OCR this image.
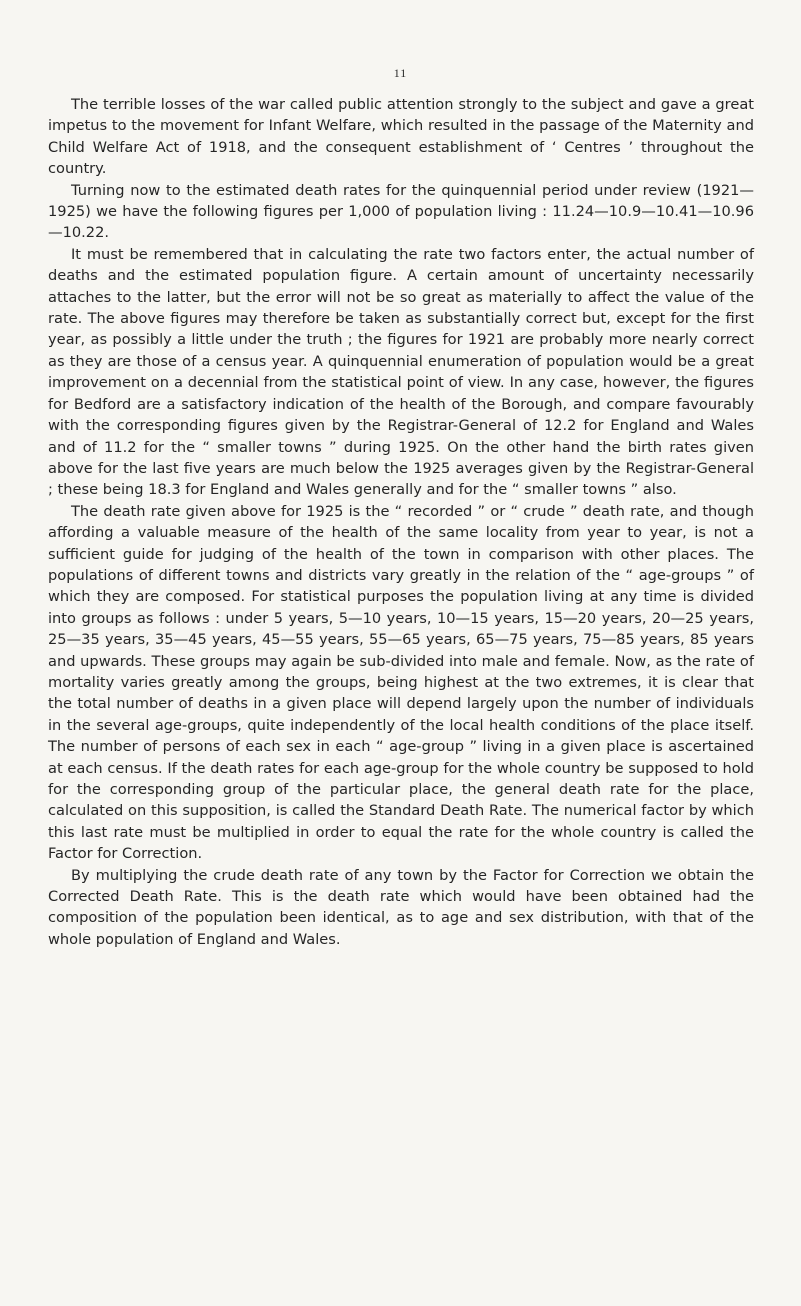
11

The terrible losses of the war called public attention strongly to the subject and gave a great impetus to the movement for Infant Welfare, which resulted in the passage of the Maternity and Child Welfare Act of 1918, and the consequent establishment of ‘ Centres ’ throughout the country.

Turning now to the estimated death rates for the quinquennial period under review (1921—1925) we have the following figures per 1,000 of population living : 11.24—10.9—10.41—10.96—10.22.

It must be remembered that in calculating the rate two factors enter, the actual number of deaths and the estimated population figure. A certain amount of uncertainty necessarily attaches to the latter, but the error will not be so great as materially to affect the value of the rate. The above figures may therefore be taken as substantially correct but, except for the first year, as possibly a little under the truth ; the figures for 1921 are probably more nearly correct as they are those of a census year. A quinquennial enumeration of population would be a great improvement on a decennial from the statistical point of view. In any case, however, the figures for Bedford are a satisfactory indication of the health of the Borough, and compare favourably with the corresponding figures given by the Registrar-General of 12.2 for England and Wales and of 11.2 for the “ smaller towns ” during 1925. On the other hand the birth rates given above for the last five years are much below the 1925 averages given by the Registrar-General ; these being 18.3 for England and Wales generally and for the “ smaller towns ” also.

The death rate given above for 1925 is the “ recorded ” or “ crude ” death rate, and though affording a valuable measure of the health of the same locality from year to year, is not a sufficient guide for judging of the health of the town in comparison with other places. The populations of different towns and districts vary greatly in the relation of the “ age-groups ” of which they are composed. For statistical purposes the population living at any time is divided into groups as follows : under 5 years, 5—10 years, 10—15 years, 15—20 years, 20—25 years, 25—35 years, 35—45 years, 45—55 years, 55—65 years, 65—75 years, 75—85 years, 85 years and upwards. These groups may again be sub-divided into male and female. Now, as the rate of mortality varies greatly among the groups, being highest at the two extremes, it is clear that the total number of deaths in a given place will depend largely upon the number of individuals in the several age-groups, quite independently of the local health conditions of the place itself. The number of persons of each sex in each “ age-group ” living in a given place is ascertained at each census. If the death rates for each age-group for the whole country be supposed to hold for the corresponding group of the particular place, the general death rate for the place, calculated on this supposition, is called the Standard Death Rate. The numerical factor by which this last rate must be multiplied in order to equal the rate for the whole country is called the Factor for Correction.

By multiplying the crude death rate of any town by the Factor for Correction we obtain the Corrected Death Rate. This is the death rate which would have been obtained had the composition of the population been identical, as to age and sex distribution, with that of the whole population of England and Wales.
